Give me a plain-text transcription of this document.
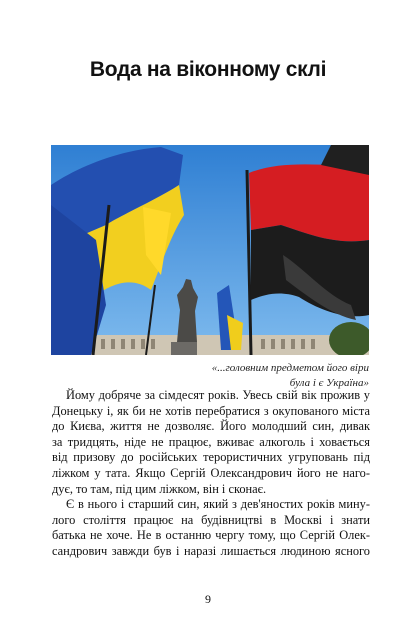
Вода на віконному склі
«...головним предметом його віри
була і є Україна»
Йому добряче за сімдесят років. Увесь свій вік прожив у
Донецьку і, як би не хотів перебратися з окупованого міста
до Києва, життя не дозволяє. Його молодший син, дивак
за тридцять, ніде не працює, вживає алкоголь і ховається
від призову до російських терористичних угруповань під
ліжком у тата. Якщо Сергій Олександрович його не наго-
дує, то там, під цим ліжком, він і сконає.
Є в нього і старший син, який з дев'яностих років мину-
лого століття працює на будівництві в Москві і знати
батька не хоче. Не в останню чергу тому, що Сергій Олек-
сандрович завжди був і наразі лишається людиною ясного
9
